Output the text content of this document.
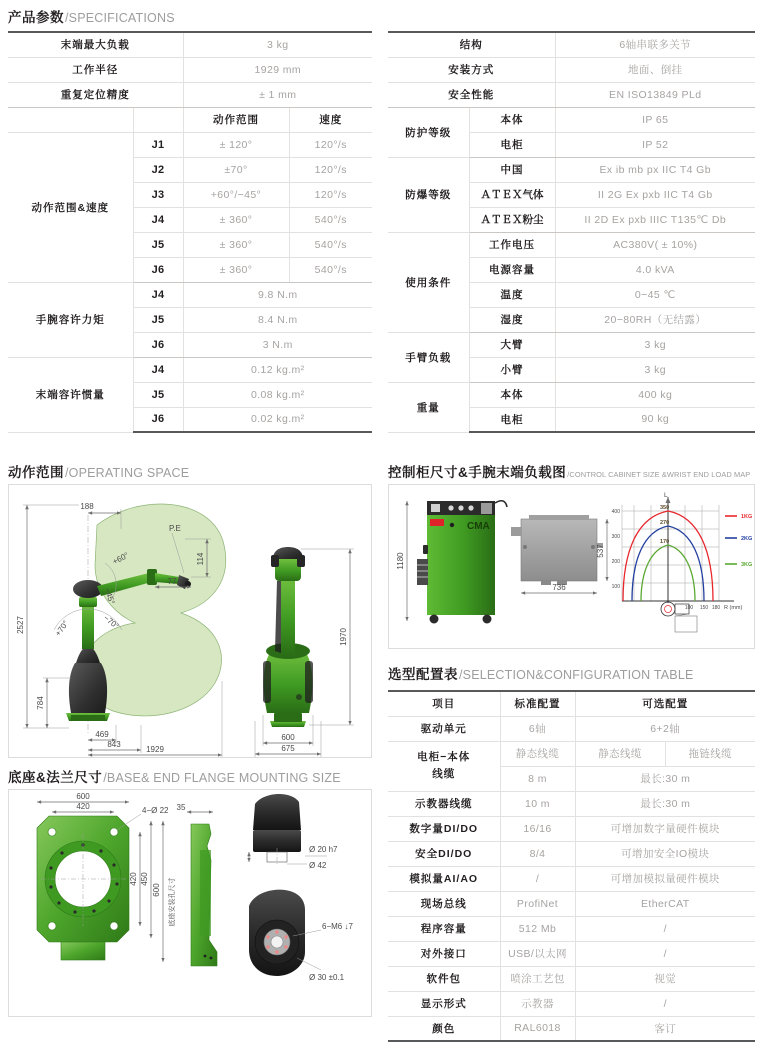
产品参数 /SPECIFICATIONS
末端最大负载		3 kg	
工作半径		1929 mm	
重复定位精度		± 1 mm	
		动作范围	速度
动作范围&速度	J1	± 120°	120°/s
	J2	±70°	120°/s
	J3	+60°/−45°	120°/s
	J4	± 360°	540°/s
	J5	± 360°	540°/s
	J6	± 360°	540°/s
手腕容许力矩	J4	9.8 N.m	
	J5	8.4 N.m	
	J6	3 N.m	
末端容许惯量	J4	0.12 kg.m²	
	J5	0.08 kg.m²	
	J6	0.02 kg.m²	
结构		6轴串联多关节
安装方式		地面、倒挂
安全性能		EN ISO13849 PLd
防护等级	本体	IP 65
	电柜	IP 52
防爆等级	中国	Ex ib mb px IIC T4 Gb
	ＡＴＥＸ气体	II 2G Ex pxb IIC T4 Gb
	ＡＴＥＸ粉尘	II 2D Ex pxb IIIC T135℃ Db
使用条件	工作电压	AC380V( ± 10%)
	电源容量	4.0 kVA
	温度	0−45 ℃
	湿度	20−80RH（无结露）
手臂负载	大臂	3 kg
	小臂	3 kg
重量	本体	400 kg
	电柜	90 kg
动作范围 /OPERATING SPACE
+70°	−70°
+60°
−45°
2527
784
188
P.E
114
77
469
843
1929
1970
600
675
底座&法兰尺寸 /BASE& END FLANGE MOUNTING SIZE
600
420	4−Ø 22
420 450
600 底座安装孔尺寸
35
Ø 20 h7
Ø 42
6−M6 ↓7
Ø 30 ±0.1
控制柜尺寸&手腕末端负载图 /CONTROL CABINET SIZE &WRIST END LOAD MAP
CMA
1180
736
537
L
R (mm)
400
300
200
100
100 150 180
350
270
170
1KG
2KG
3KG
选型配置表 /SELECTION&CONFIGURATION TABLE
项目	标准配置	可选配置	
驱动单元	6轴	6+2轴	
电柜−本体
线缆	静态线缆	静态线缆	拖链线缆
	8 m	最长:30 m	
示教器线缆	10 m	最长:30 m	
数字量DI/DO	16/16	可增加数字量硬件模块	
安全DI/DO	8/4	可增加安全IO模块	
模拟量AI/AO	/	可增加模拟量硬件模块	
现场总线	ProfiNet	EtherCAT	
程序容量	512 Mb	/	
对外接口	USB/以太网	/	
软件包	喷涂工艺包	视觉	
显示形式	示教器	/	
颜色	RAL6018	客订	
